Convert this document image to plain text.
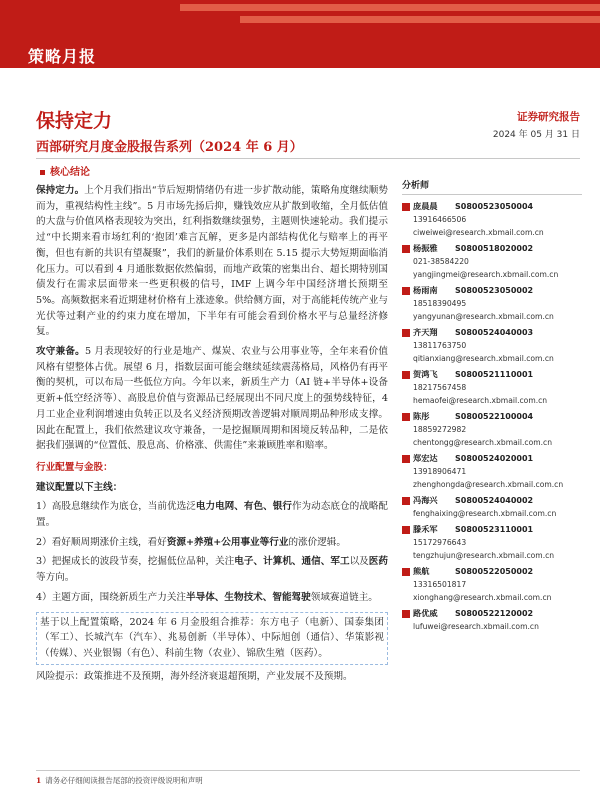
策略月报
保持定力
西部研究月度金股报告系列（2024 年 6 月）
证券研究报告
2024 年 05 月 31 日
核心结论

保持定力。上个月我们指出“节后短期情绪仍有进一步扩散动能，策略角度继续顺势而为，重视结构性主线”。5 月市场先扬后抑，赚钱效应从扩散到收缩，全月低估值的大盘与价值风格表现较为突出，红利指数继续强势，主题则快速轮动。我们提示过“中长期来看市场红利的‘抱团’难言瓦解，更多是内部结构优化与赔率上的再平衡，但也有新的共识有望凝聚”，我们的新量价体系则在 5.15 提示大势短期面临消化压力。可以看到 4 月通胀数据依然偏弱，而地产政策的密集出台、超长期特别国债发行在需求层面带来一些更积极的信号，IMF 上调今年中国经济增长预期至 5%。高频数据来看近期建材价格有上涨迹象。供给侧方面，对于高能耗传统产业与光伏等过剩产业的约束力度在增加，下半年有可能会看到价格水平与总量经济修复。

攻守兼备。5 月表现较好的行业是地产、煤炭、农业与公用事业等，全年来看价值风格有望整体占优。展望 6 月，指数层面可能会继续延续震荡格局，风格仍有再平衡的契机，可以布局一些低位方向。今年以来，新质生产力（AI 链+半导体+设备更新+低空经济等）、高股息价值与资源品已经展现出不同尺度上的强势线特征，4 月工业企业利润增速由负转正以及名义经济预期改善逻辑对顺周期品种形成支撑。因此在配置上，我们依然建议攻守兼备，一是挖掘顺周期和困境反转品种，二是依据我们强调的“位置低、股息高、价格涨、供需佳”来兼顾胜率和赔率。

行业配置与金股：

建议配置以下主线：

1）高股息继续作为底仓，当前优选泛电力电网、有色、银行作为动态底仓的战略配置。

2）看好顺周期涨价主线，看好资源+养殖+公用事业等行业的涨价逻辑。

3）把握成长的波段节奏，挖掘低位品种，关注电子、计算机、通信、军工以及医药等方向。

4）主题方面，围绕新质生产力关注半导体、生物技术、智能驾驶领域赛道链主。

基于以上配置策略，2024 年 6 月金股组合推荐：东方电子（电新）、国泰集团（军工）、长城汽车（汽车）、兆易创新（半导体）、中际旭创（通信）、华策影视（传媒）、兴业银锡（有色）、科前生物（农业）、锦欣生殖（医药）。

风险提示：政策推进不及预期，海外经济衰退超预期，产业发展不及预期。

分析师
庞晨晨	S0800523050004
13916466506
ciweiwei@research.xbmail.com.cn
杨振雅	S0800518020002
021-38584220
yangjingmei@research.xbmail.com.cn
杨雨南	S0800523050002
18518390495
yangyunan@research.xbmail.com.cn
齐天翔	S0800524040003
13811763750
qitianxiang@research.xbmail.com.cn
贺鸿飞	S0800521110001
18217567458
hemaofei@research.xbmail.com.cn
陈彤	S0800522100004
18859272982
chentongg@research.xbmail.com.cn
郑宏达	S0800524020001
13918906471
zhenghongda@research.xbmail.com.cn
冯海兴	S0800524040002
fenghaixing@research.xbmail.com.cn
滕禾军	S0800523110001
15172976643
tengzhujun@research.xbmail.com.cn
熊航	S0800522050002
13316501817
xionghang@research.xbmail.com.cn
路优威	S0800522120002
lufuwei@research.xbmail.com.cn
1 请务必仔细阅读报告尾部的投资评级说明和声明
